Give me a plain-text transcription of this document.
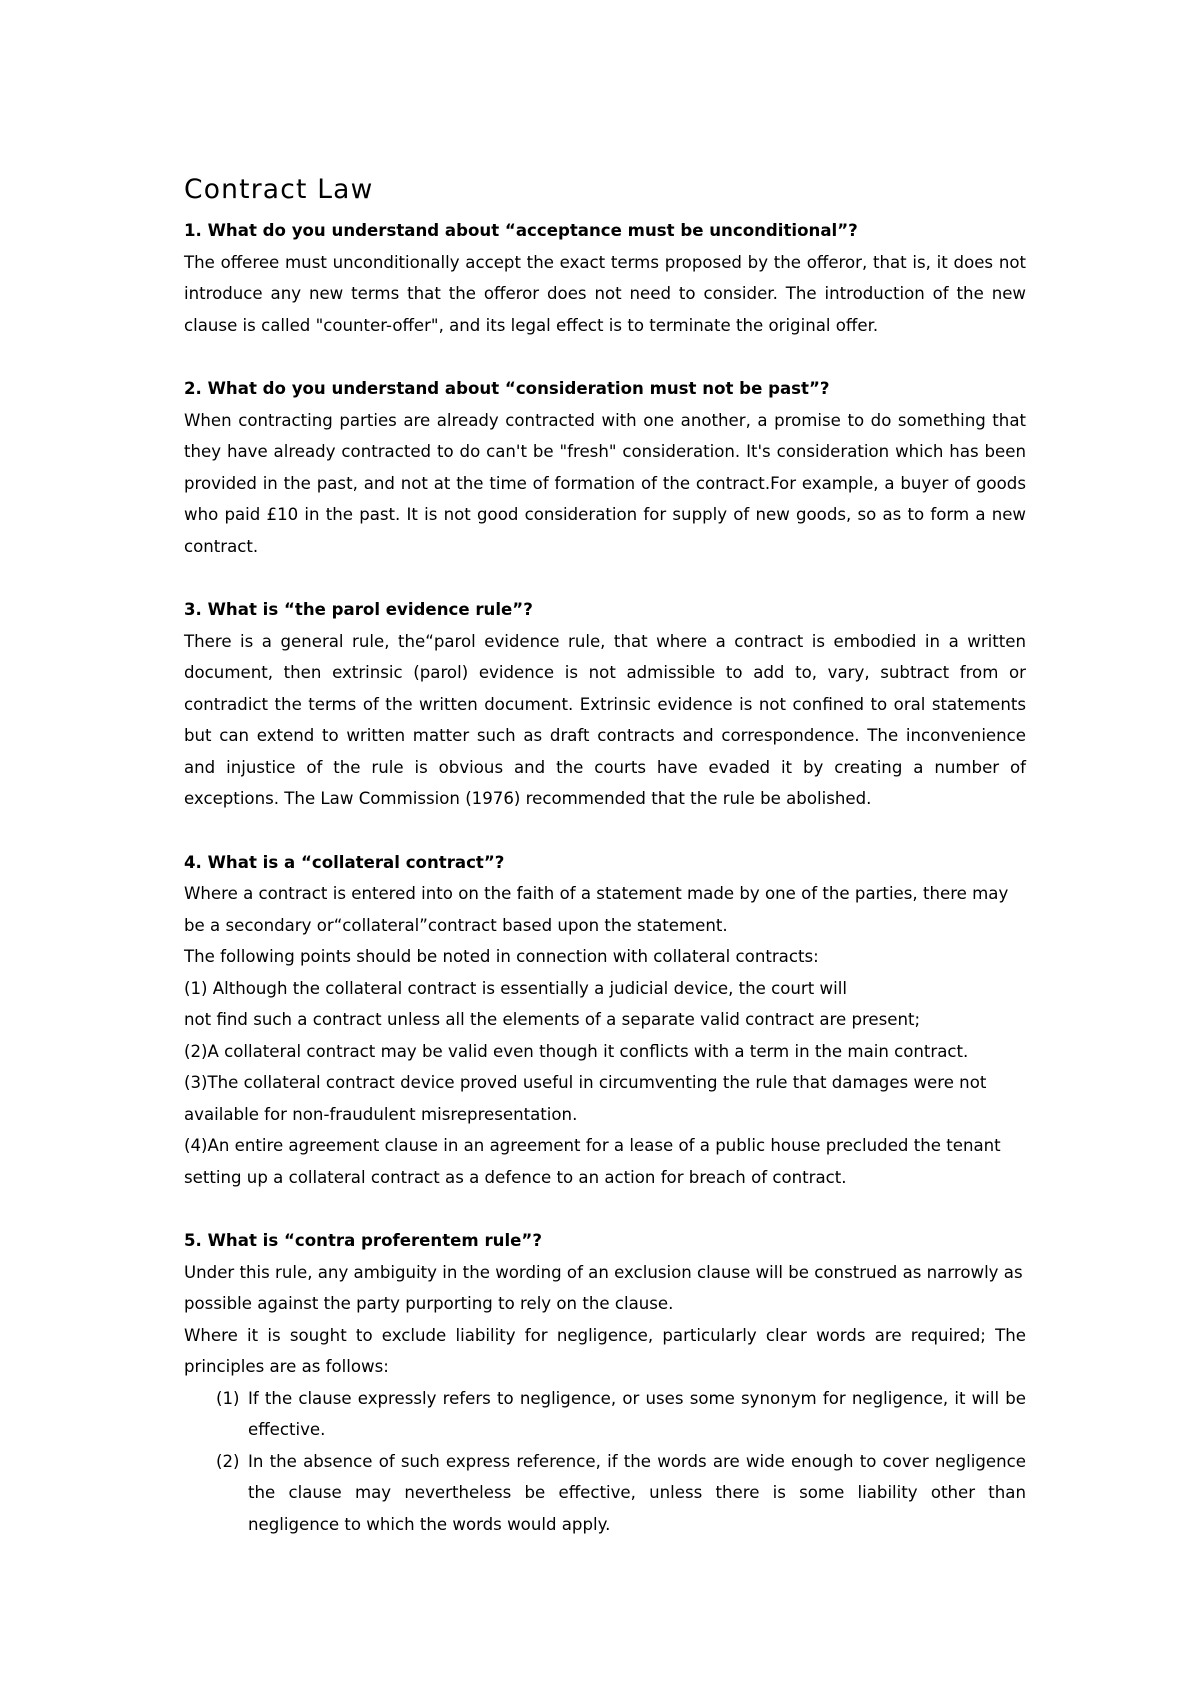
Contract Law

1. What do you understand about “acceptance must be unconditional”?

The offeree must unconditionally accept the exact terms proposed by the offeror, that is, it does not introduce any new terms that the offeror does not need to consider. The introduction of the new clause is called "counter-offer", and its legal effect is to terminate the original offer.

2. What do you understand about “consideration must not be past”?

When contracting parties are already contracted with one another, a promise to do something that they have already contracted to do can't be "fresh" consideration. It's consideration which has been provided in the past, and not at the time of formation of the contract.For example, a buyer of goods who paid £10 in the past. It is not good consideration for supply of new goods, so as to form a new contract.

3. What is “the parol evidence rule”?

There is a general rule, the“parol evidence rule, that where a contract is embodied in a written document, then extrinsic (parol) evidence is not admissible to add to, vary, subtract from or contradict the terms of the written document. Extrinsic evidence is not confined to oral statements but can extend to written matter such as draft contracts and correspondence. The inconvenience and injustice of the rule is obvious and the courts have evaded it by creating a number of exceptions. The Law Commission (1976) recommended that the rule be abolished.

4. What is a “collateral contract”?

Where a contract is entered into on the faith of a statement made by one of the parties, there may be a secondary or“collateral”contract based upon the statement.

The following points should be noted in connection with collateral contracts:

(1) Although the collateral contract is essentially a judicial device, the court will

not find such a contract unless all the elements of a separate valid contract are present;

(2)A collateral contract may be valid even though it conflicts with a term in the main contract.

(3)The collateral contract device proved useful in circumventing the rule that damages were not available for non-fraudulent misrepresentation.

(4)An entire agreement clause in an agreement for a lease of a public house precluded the tenant setting up a collateral contract as a defence to an action for breach of contract.

5. What is “contra proferentem rule”?

Under this rule, any ambiguity in the wording of an exclusion clause will be construed as narrowly as possible against the party purporting to rely on the clause.

Where it is sought to exclude liability for negligence, particularly clear words are required; The principles are as follows:

(1) If the clause expressly refers to negligence, or uses some synonym for negligence, it will be effective.
(2) In the absence of such express reference, if the words are wide enough to cover negligence the clause may nevertheless be effective, unless there is some liability other than negligence to which the words would apply.
